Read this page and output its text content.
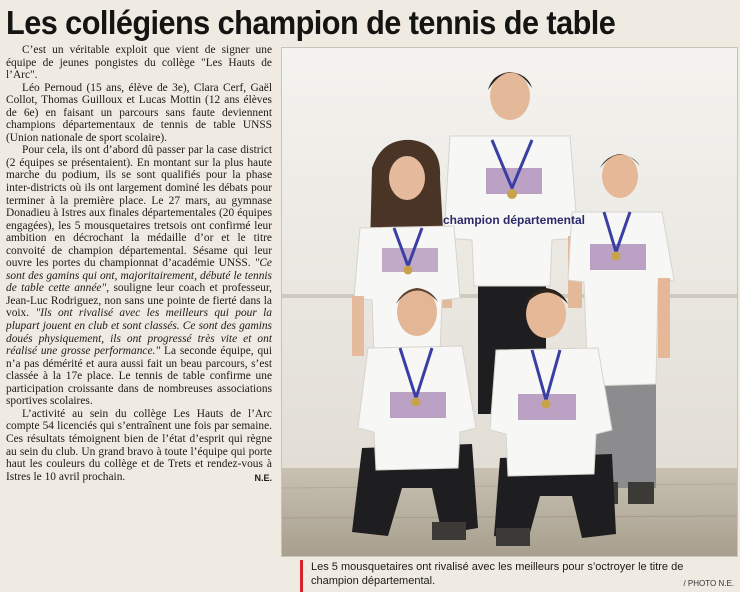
Les collégiens champion de tennis de table

C’est un véritable exploit que vient de signer une équipe de jeunes pongistes du collège "Les Hauts de l’Arc".

Léo Pernoud (15 ans, élève de 3e), Clara Cerf, Gaël Collot, Thomas Guilloux et Lucas Mottin (12 ans élèves de 6e) en faisant un parcours sans faute deviennent champions départementaux de tennis de table UNSS (Union nationale de sport scolaire).

Pour cela, ils ont d’abord dû passer par la case district (2 équipes se présentaient). En montant sur la plus haute marche du podium, ils se sont qualifiés pour la phase inter-districts où ils ont largement dominé les débats pour terminer à la première place. Le 27 mars, au gymnase Donadieu à Istres aux finales départementales (20 équipes engagées), les 5 mousquetaires tretsois ont confirmé leur ambition en décrochant la médaille d’or et le titre convoité de champion départemental. Sésame qui leur ouvre les portes du championnat d’académie UNSS. "Ce sont des gamins qui ont, majoritairement, débuté le tennis de table cette année", souligne leur coach et professeur, Jean-Luc Rodriguez, non sans une pointe de fierté dans la voix. "Ils ont rivalisé avec les meilleurs qui pour la plupart jouent en club et sont classés. Ce sont des gamins doués physiquement, ils ont progressé très vite et ont réalisé une grosse performance." La seconde équipe, qui n’a pas démérité et aura aussi fait un beau parcours, s’est classée à la 17e place. Le tennis de table confirme une participation croissante dans de nombreuses associations sportives scolaires.

L’activité au sein du collège Les Hauts de l’Arc compte 54 licenciés qui s’entraînent une fois par semaine. Ces résultats témoignent bien de l’état d’esprit qui règne au sein du club. Un grand bravo à toute l’équipe qui porte haut les couleurs du collège et de Trets et rendez-vous à Istres le 10 avril prochain.	N.E.

champion départemental
Les 5 mousquetaires ont rivalisé avec les meilleurs pour s’octroyer le titre de champion départemental.	/ PHOTO N.E.
